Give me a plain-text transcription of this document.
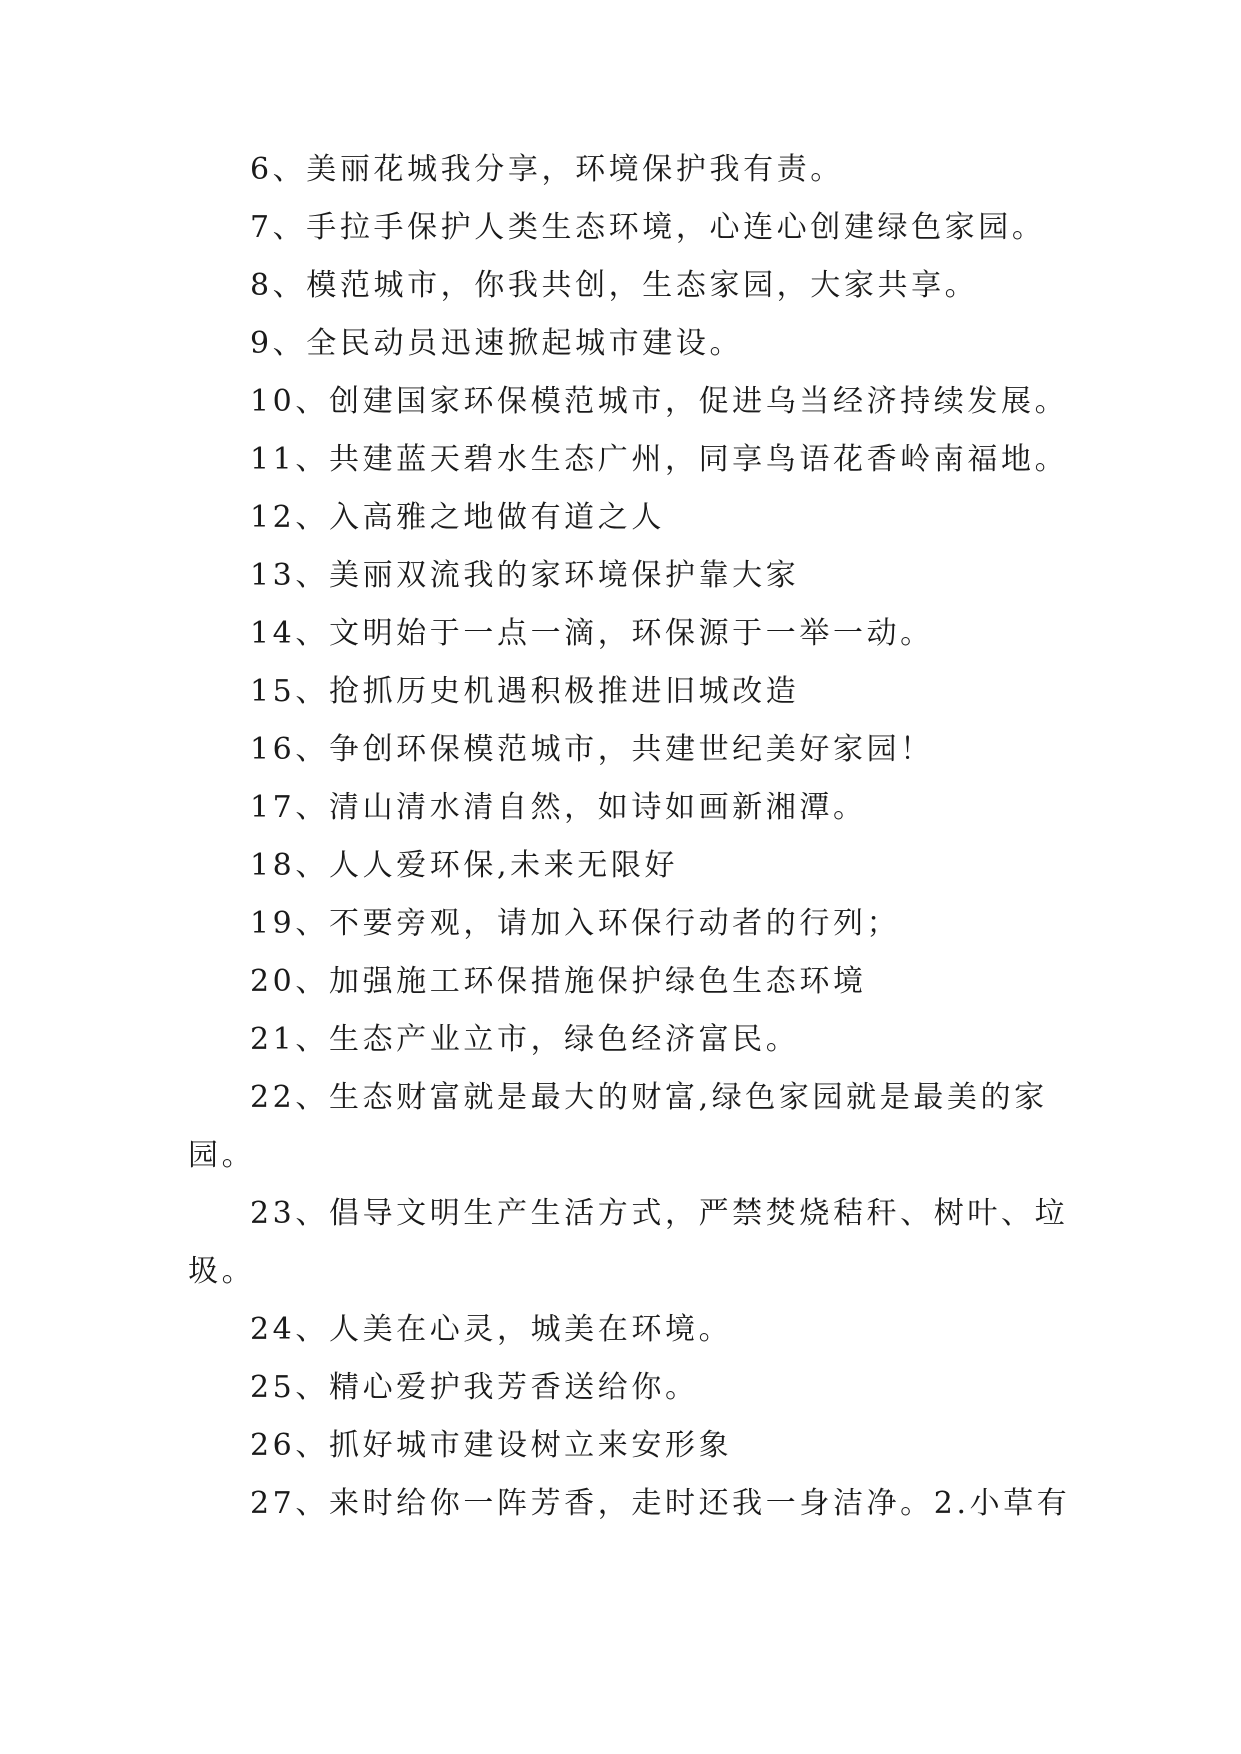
6、美丽花城我分享，环境保护我有责。
7、手拉手保护人类生态环境，心连心创建绿色家园。
8、模范城市，你我共创，生态家园，大家共享。
9、全民动员迅速掀起城市建设。
10、创建国家环保模范城市，促进乌当经济持续发展。
11、共建蓝天碧水生态广州，同享鸟语花香岭南福地。
12、入高雅之地做有道之人
13、美丽双流我的家环境保护靠大家
14、文明始于一点一滴，环保源于一举一动。
15、抢抓历史机遇积极推进旧城改造
16、争创环保模范城市，共建世纪美好家园！
17、清山清水清自然，如诗如画新湘潭。
18、人人爱环保,未来无限好
19、不要旁观，请加入环保行动者的行列；
20、加强施工环保措施保护绿色生态环境
21、生态产业立市，绿色经济富民。
22、生态财富就是最大的财富,绿色家园就是最美的家
园。
23、倡导文明生产生活方式，严禁焚烧秸秆、树叶、垃
圾。
24、人美在心灵，城美在环境。
25、精心爱护我芳香送给你。
26、抓好城市建设树立来安形象
27、来时给你一阵芳香，走时还我一身洁净。2.小草有
